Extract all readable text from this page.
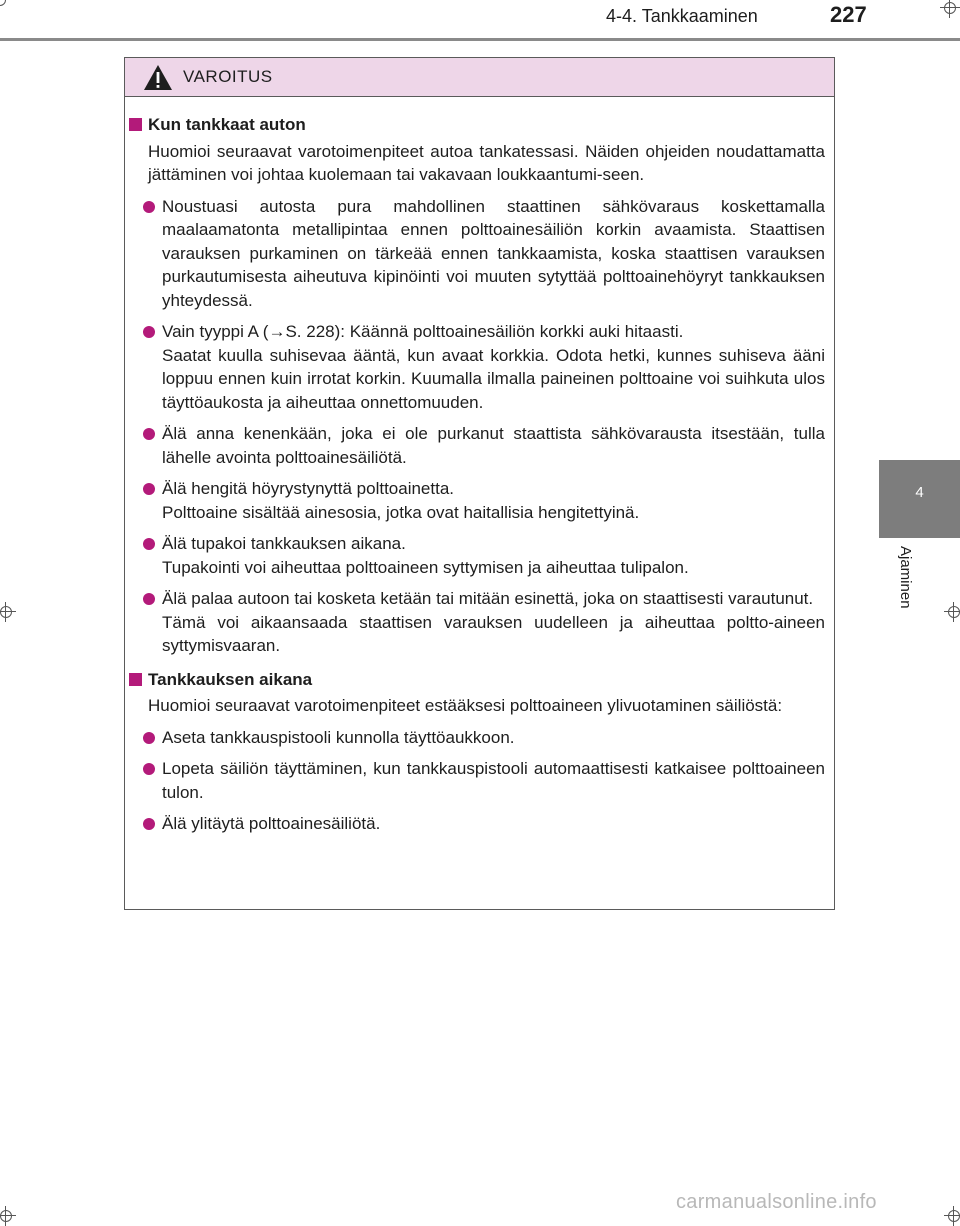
4-4. Tankkaaminen	227
4
Ajaminen
VAROITUS
Kun tankkaat auton
Huomioi seuraavat varotoimenpiteet autoa tankatessasi. Näiden ohjeiden noudattamatta jättäminen voi johtaa kuolemaan tai vakavaan loukkaantumi-seen.
Noustuasi autosta pura mahdollinen staattinen sähkövaraus koskettamalla maalaamatonta metallipintaa ennen polttoainesäiliön korkin avaamista. Staattisen varauksen purkaminen on tärkeää ennen tankkaamista, koska staattisen varauksen purkautumisesta aiheutuva kipinöinti voi muuten sytyttää polttoainehöyryt tankkauksen yhteydessä.
Vain tyyppi A (→S. 228): Käännä polttoainesäiliön korkki auki hitaasti.
Saatat kuulla suhisevaa ääntä, kun avaat korkkia. Odota hetki, kunnes suhiseva ääni loppuu ennen kuin irrotat korkin. Kuumalla ilmalla paineinen polttoaine voi suihkuta ulos täyttöaukosta ja aiheuttaa onnettomuuden.
Älä anna kenenkään, joka ei ole purkanut staattista sähkövarausta itsestään, tulla lähelle avointa polttoainesäiliötä.
Älä hengitä höyrystynyttä polttoainetta.
Polttoaine sisältää ainesosia, jotka ovat haitallisia hengitettyinä.
Älä tupakoi tankkauksen aikana.
Tupakointi voi aiheuttaa polttoaineen syttymisen ja aiheuttaa tulipalon.
Älä palaa autoon tai kosketa ketään tai mitään esinettä, joka on staattisesti varautunut.
Tämä voi aikaansaada staattisen varauksen uudelleen ja aiheuttaa poltto-aineen syttymisvaaran.
Tankkauksen aikana
Huomioi seuraavat varotoimenpiteet estääksesi polttoaineen ylivuotaminen säiliöstä:
Aseta tankkauspistooli kunnolla täyttöaukkoon.
Lopeta säiliön täyttäminen, kun tankkauspistooli automaattisesti katkaisee polttoaineen tulon.
Älä ylitäytä polttoainesäiliötä.
carmanualsonline.info
